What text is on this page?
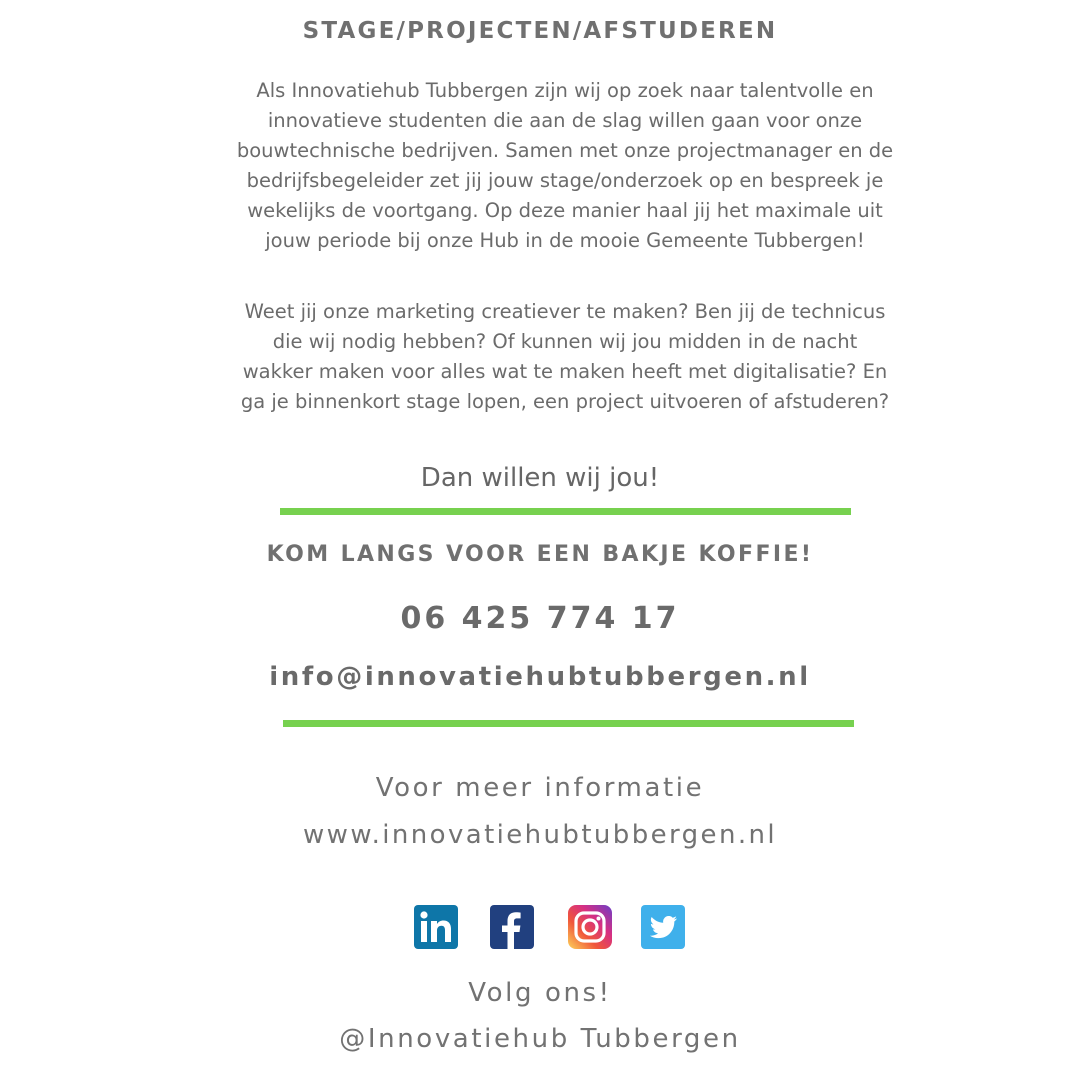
STAGE/PROJECTEN/AFSTUDEREN
Als Innovatiehub Tubbergen zijn wij op zoek naar talentvolle en innovatieve studenten die aan de slag willen gaan voor onze bouwtechnische bedrijven. Samen met onze projectmanager en de bedrijfsbegeleider zet jij jouw stage/onderzoek op en bespreek je wekelijks de voortgang. Op deze manier haal jij het maximale uit jouw periode bij onze Hub in de mooie Gemeente Tubbergen!
Weet jij onze marketing creatiever te maken? Ben jij de technicus die wij nodig hebben? Of kunnen wij jou midden in de nacht wakker maken voor alles wat te maken heeft met digitalisatie? En ga je binnenkort stage lopen, een project uitvoeren of afstuderen?
Dan willen wij jou!
KOM LANGS VOOR EEN BAKJE KOFFIE!
06 425 774 17
info@innovatiehubtubbergen.nl
Voor meer informatie
www.innovatiehubtubbergen.nl
Volg ons!
@Innovatiehub Tubbergen
